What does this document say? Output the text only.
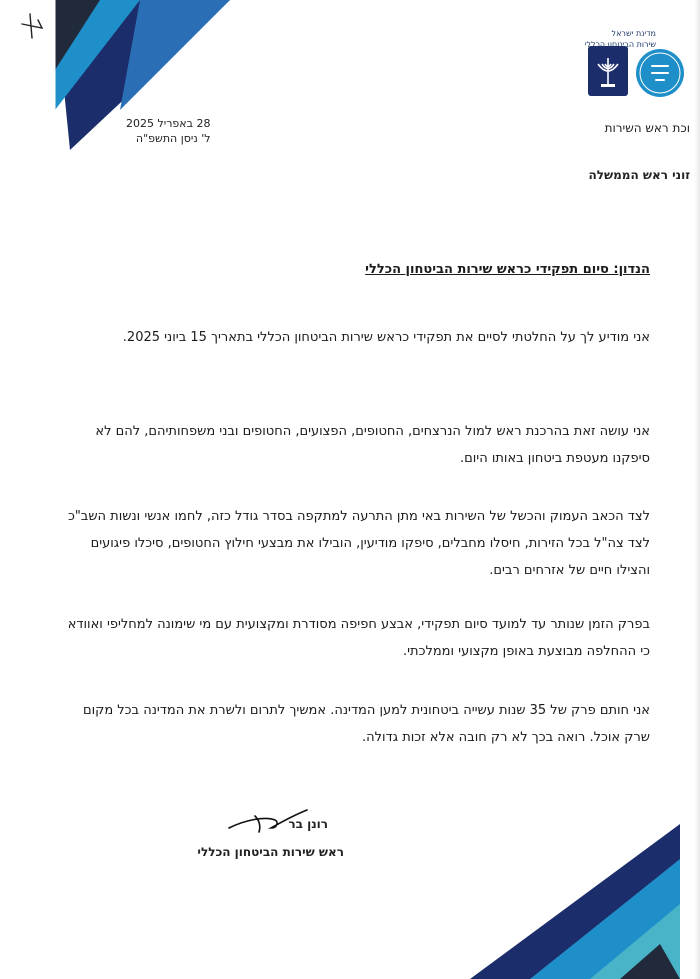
מדינת ישראל
שירות הביטחון הכללי
וכת ראש השירות
זוני ראש הממשלה
28 באפריל 2025
ל' ניסן התשפ"ה
הנדון: סיום תפקידי כראש שירות הביטחון הכללי
אני מודיע לך על החלטתי לסיים את תפקידי כראש שירות הביטחון הכללי בתאריך 15 ביוני 2025.
אני עושה זאת בהרכנת ראש למול הנרצחים, החטופים, הפצועים, החטופים ובני משפחותיהם, להם לא סיפקנו מעטפת ביטחון באותו היום.
לצד הכאב העמוק והכשל של השירות באי מתן התרעה למתקפה בסדר גודל כזה, לחמו אנשי ונשות השב"כ לצד צה"ל בכל הזירות, חיסלו מחבלים, סיפקו מודיעין, הובילו את מבצעי חילוץ החטופים, סיכלו פיגועים והצילו חיים של אזרחים רבים.
בפרק הזמן שנותר עד למועד סיום תפקידי, אבצע חפיפה מסודרת ומקצועית עם מי שימונה למחליפי ואוודא כי ההחלפה מבוצעת באופן מקצועי וממלכתי.
אני חותם פרק של 35 שנות עשייה ביטחונית למען המדינה. אמשיך לתרום ולשרת את המדינה בכל מקום שרק אוכל. רואה בכך לא רק חובה אלא זכות גדולה.
רונן בר
ראש שירות הביטחון הכללי
